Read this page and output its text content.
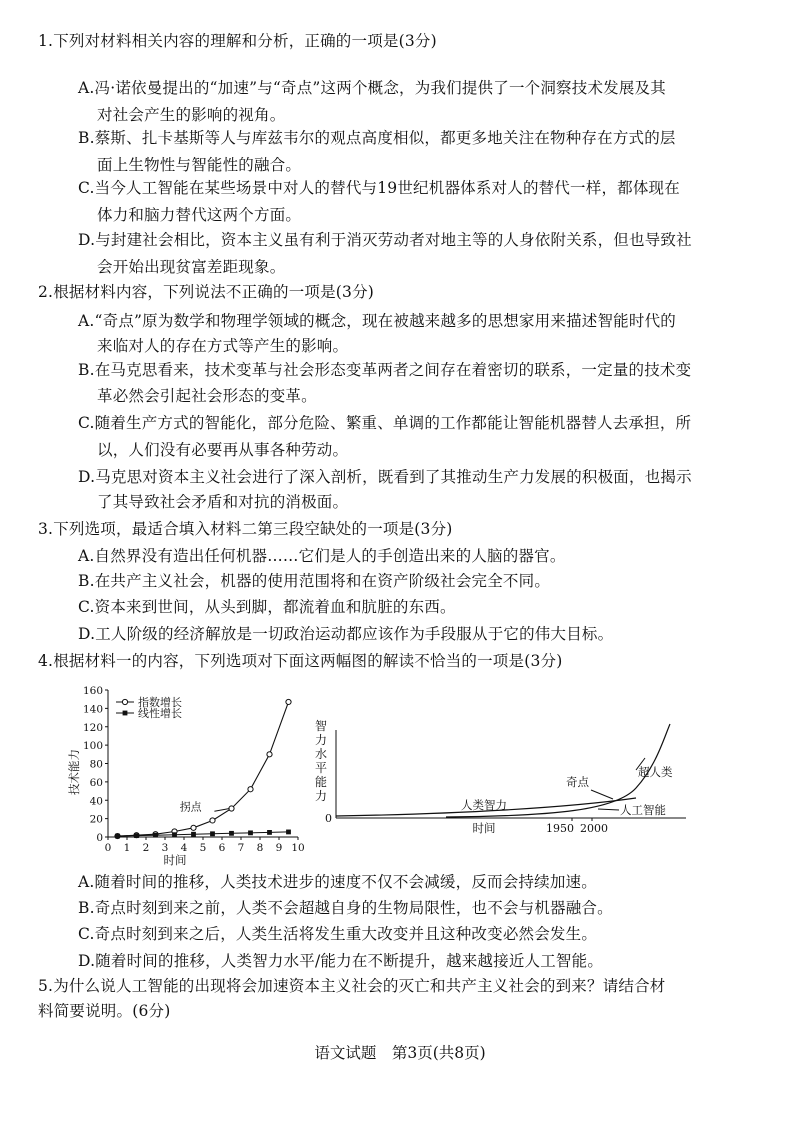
1.下列对材料相关内容的理解和分析，正确的一项是(3分)
A.冯·诺依曼提出的“加速”与“奇点”这两个概念，为我们提供了一个洞察技术发展及其
对社会产生的影响的视角。
B.蔡斯、扎卡基斯等人与库兹韦尔的观点高度相似，都更多地关注在物种存在方式的层
面上生物性与智能性的融合。
C.当今人工智能在某些场景中对人的替代与19世纪机器体系对人的替代一样，都体现在
体力和脑力替代这两个方面。
D.与封建社会相比，资本主义虽有利于消灭劳动者对地主等的人身依附关系，但也导致社
会开始出现贫富差距现象。
2.根据材料内容，下列说法不正确的一项是(3分)
A.“奇点”原为数学和物理学领域的概念，现在被越来越多的思想家用来描述智能时代的
来临对人的存在方式等产生的影响。
B.在马克思看来，技术变革与社会形态变革两者之间存在着密切的联系，一定量的技术变
革必然会引起社会形态的变革。
C.随着生产方式的智能化，部分危险、繁重、单调的工作都能让智能机器替人去承担，所
以，人们没有必要再从事各种劳动。
D.马克思对资本主义社会进行了深入剖析，既看到了其推动生产力发展的积极面，也揭示
了其导致社会矛盾和对抗的消极面。
3.下列选项，最适合填入材料二第三段空缺处的一项是(3分)
A.自然界没有造出任何机器……它们是人的手创造出来的人脑的器官。
B.在共产主义社会，机器的使用范围将和在资产阶级社会完全不同。
C.资本来到世间，从头到脚，都流着血和肮脏的东西。
D.工人阶级的经济解放是一切政治运动都应该作为手段服从于它的伟大目标。
4.根据材料一的内容，下列选项对下面这两幅图的解读不恰当的一项是(3分)
A.随着时间的推移，人类技术进步的速度不仅不会减缓，反而会持续加速。
B.奇点时刻到来之前，人类不会超越自身的生物局限性，也不会与机器融合。
C.奇点时刻到来之后，人类生活将发生重大改变并且这种改变必然会发生。
D.随着时间的推移，人类智力水平/能力在不断提升，越来越接近人工智能。
5.为什么说人工智能的出现将会加速资本主义社会的灭亡和共产主义社会的到来？请结合材
料简要说明。(6分)
0
20
40
60
80
100
120
140
160
0 1 2 3 4 5 6 7 8 9 10
时间
技术能力
指数增长
线性增长
拐点
智
力
水
平
能
力
0
奇点
超人类
人类智力	人工智能
时间	1950 2000
语文试题　第3页(共8页)
